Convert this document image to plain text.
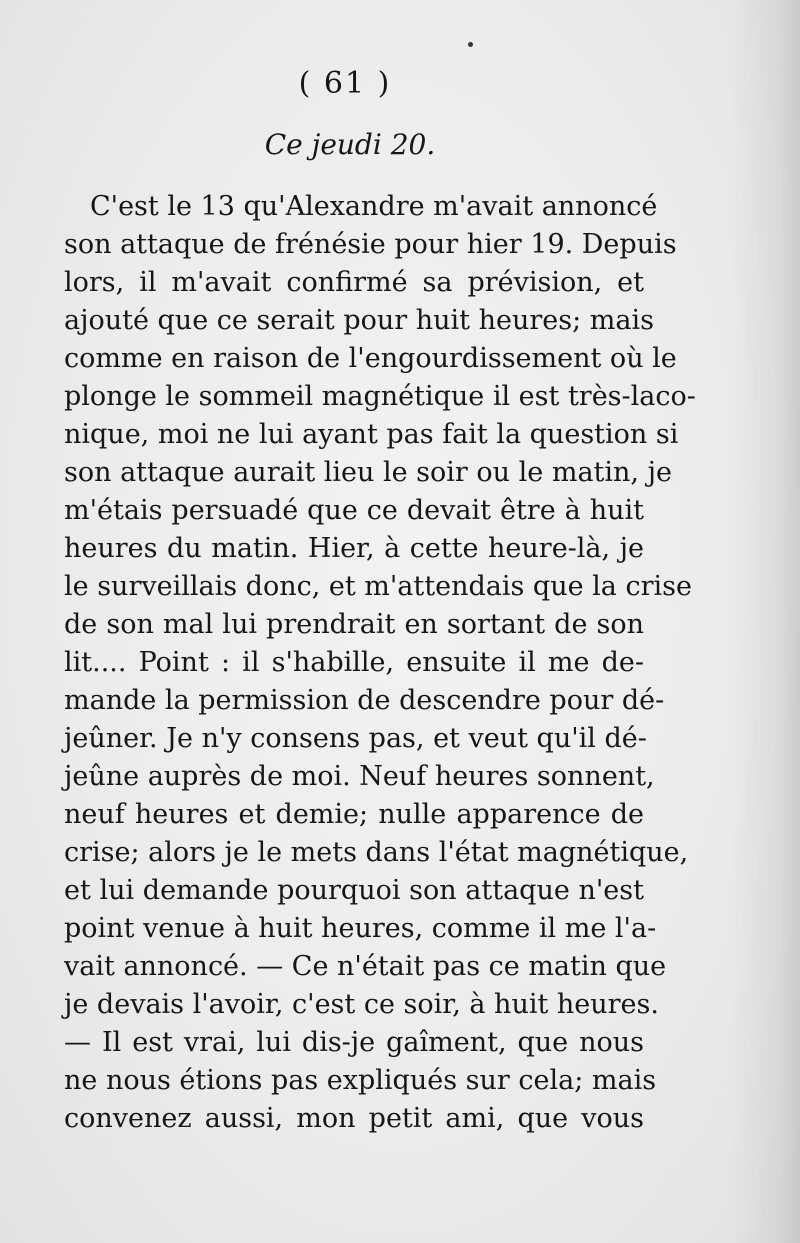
( 61 )
Ce jeudi 20.
C'est le 13 qu'Alexandre m'avait annoncé
son attaque de frénésie pour hier 19. Depuis
lors, il m'avait confirmé sa prévision, et
ajouté que ce serait pour huit heures; mais
comme en raison de l'engourdissement où le
plonge le sommeil magnétique il est très-laco-
nique, moi ne lui ayant pas fait la question si
son attaque aurait lieu le soir ou le matin, je
m'étais persuadé que ce devait être à huit
heures du matin. Hier, à cette heure-là, je
le surveillais donc, et m'attendais que la crise
de son mal lui prendrait en sortant de son
lit.... Point : il s'habille, ensuite il me de-
mande la permission de descendre pour dé-
jeûner. Je n'y consens pas, et veut qu'il dé-
jeûne auprès de moi. Neuf heures sonnent,
neuf heures et demie; nulle apparence de
crise; alors je le mets dans l'état magnétique,
et lui demande pourquoi son attaque n'est
point venue à huit heures, comme il me l'a-
vait annoncé. — Ce n'était pas ce matin que
je devais l'avoir, c'est ce soir, à huit heures.
— Il est vrai, lui dis-je gaîment, que nous
ne nous étions pas expliqués sur cela; mais
convenez aussi, mon petit ami, que vous
